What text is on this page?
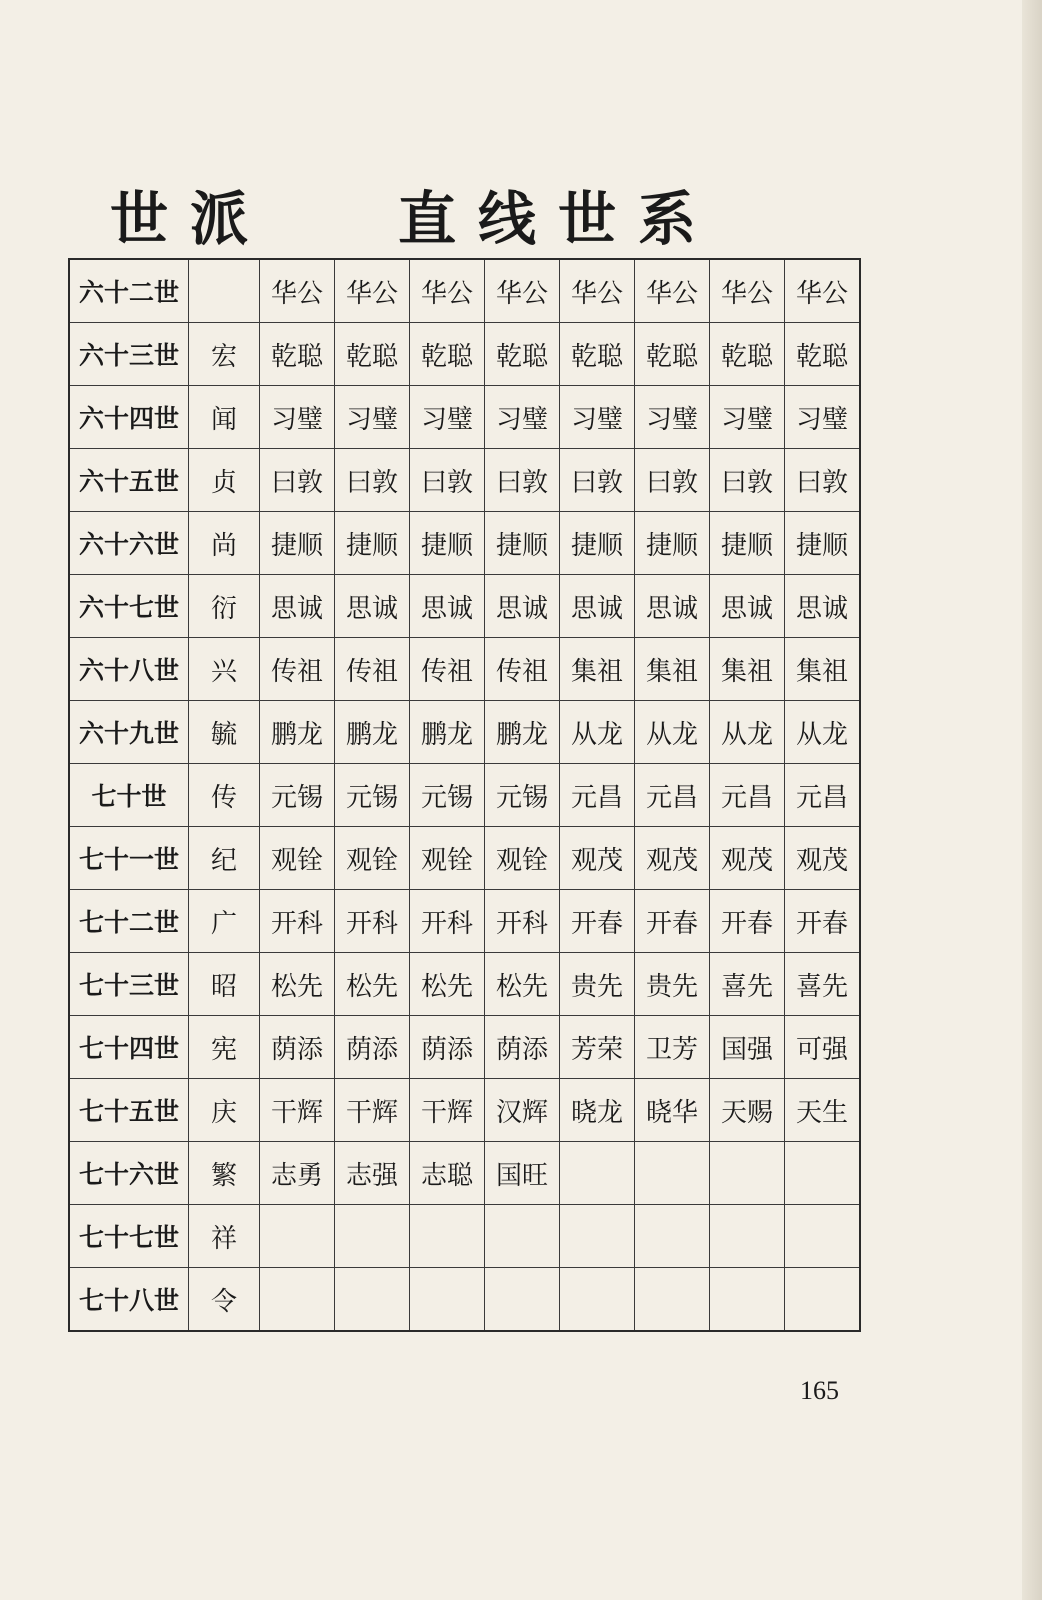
世派 直线世系
六十二世		华公	华公	华公	华公	华公	华公	华公	华公
六十三世	宏	乾聪	乾聪	乾聪	乾聪	乾聪	乾聪	乾聪	乾聪
六十四世	闻	习璧	习璧	习璧	习璧	习璧	习璧	习璧	习璧
六十五世	贞	曰敦	曰敦	曰敦	曰敦	曰敦	曰敦	曰敦	曰敦
六十六世	尚	捷顺	捷顺	捷顺	捷顺	捷顺	捷顺	捷顺	捷顺
六十七世	衍	思诚	思诚	思诚	思诚	思诚	思诚	思诚	思诚
六十八世	兴	传祖	传祖	传祖	传祖	集祖	集祖	集祖	集祖
六十九世	毓	鹏龙	鹏龙	鹏龙	鹏龙	从龙	从龙	从龙	从龙
七十世	传	元锡	元锡	元锡	元锡	元昌	元昌	元昌	元昌
七十一世	纪	观铨	观铨	观铨	观铨	观茂	观茂	观茂	观茂
七十二世	广	开科	开科	开科	开科	开春	开春	开春	开春
七十三世	昭	松先	松先	松先	松先	贵先	贵先	喜先	喜先
七十四世	宪	荫添	荫添	荫添	荫添	芳荣	卫芳	国强	可强
七十五世	庆	干辉	干辉	干辉	汉辉	晓龙	晓华	天赐	天生
七十六世	繁	志勇	志强	志聪	国旺				
七十七世	祥								
七十八世	令								
165
